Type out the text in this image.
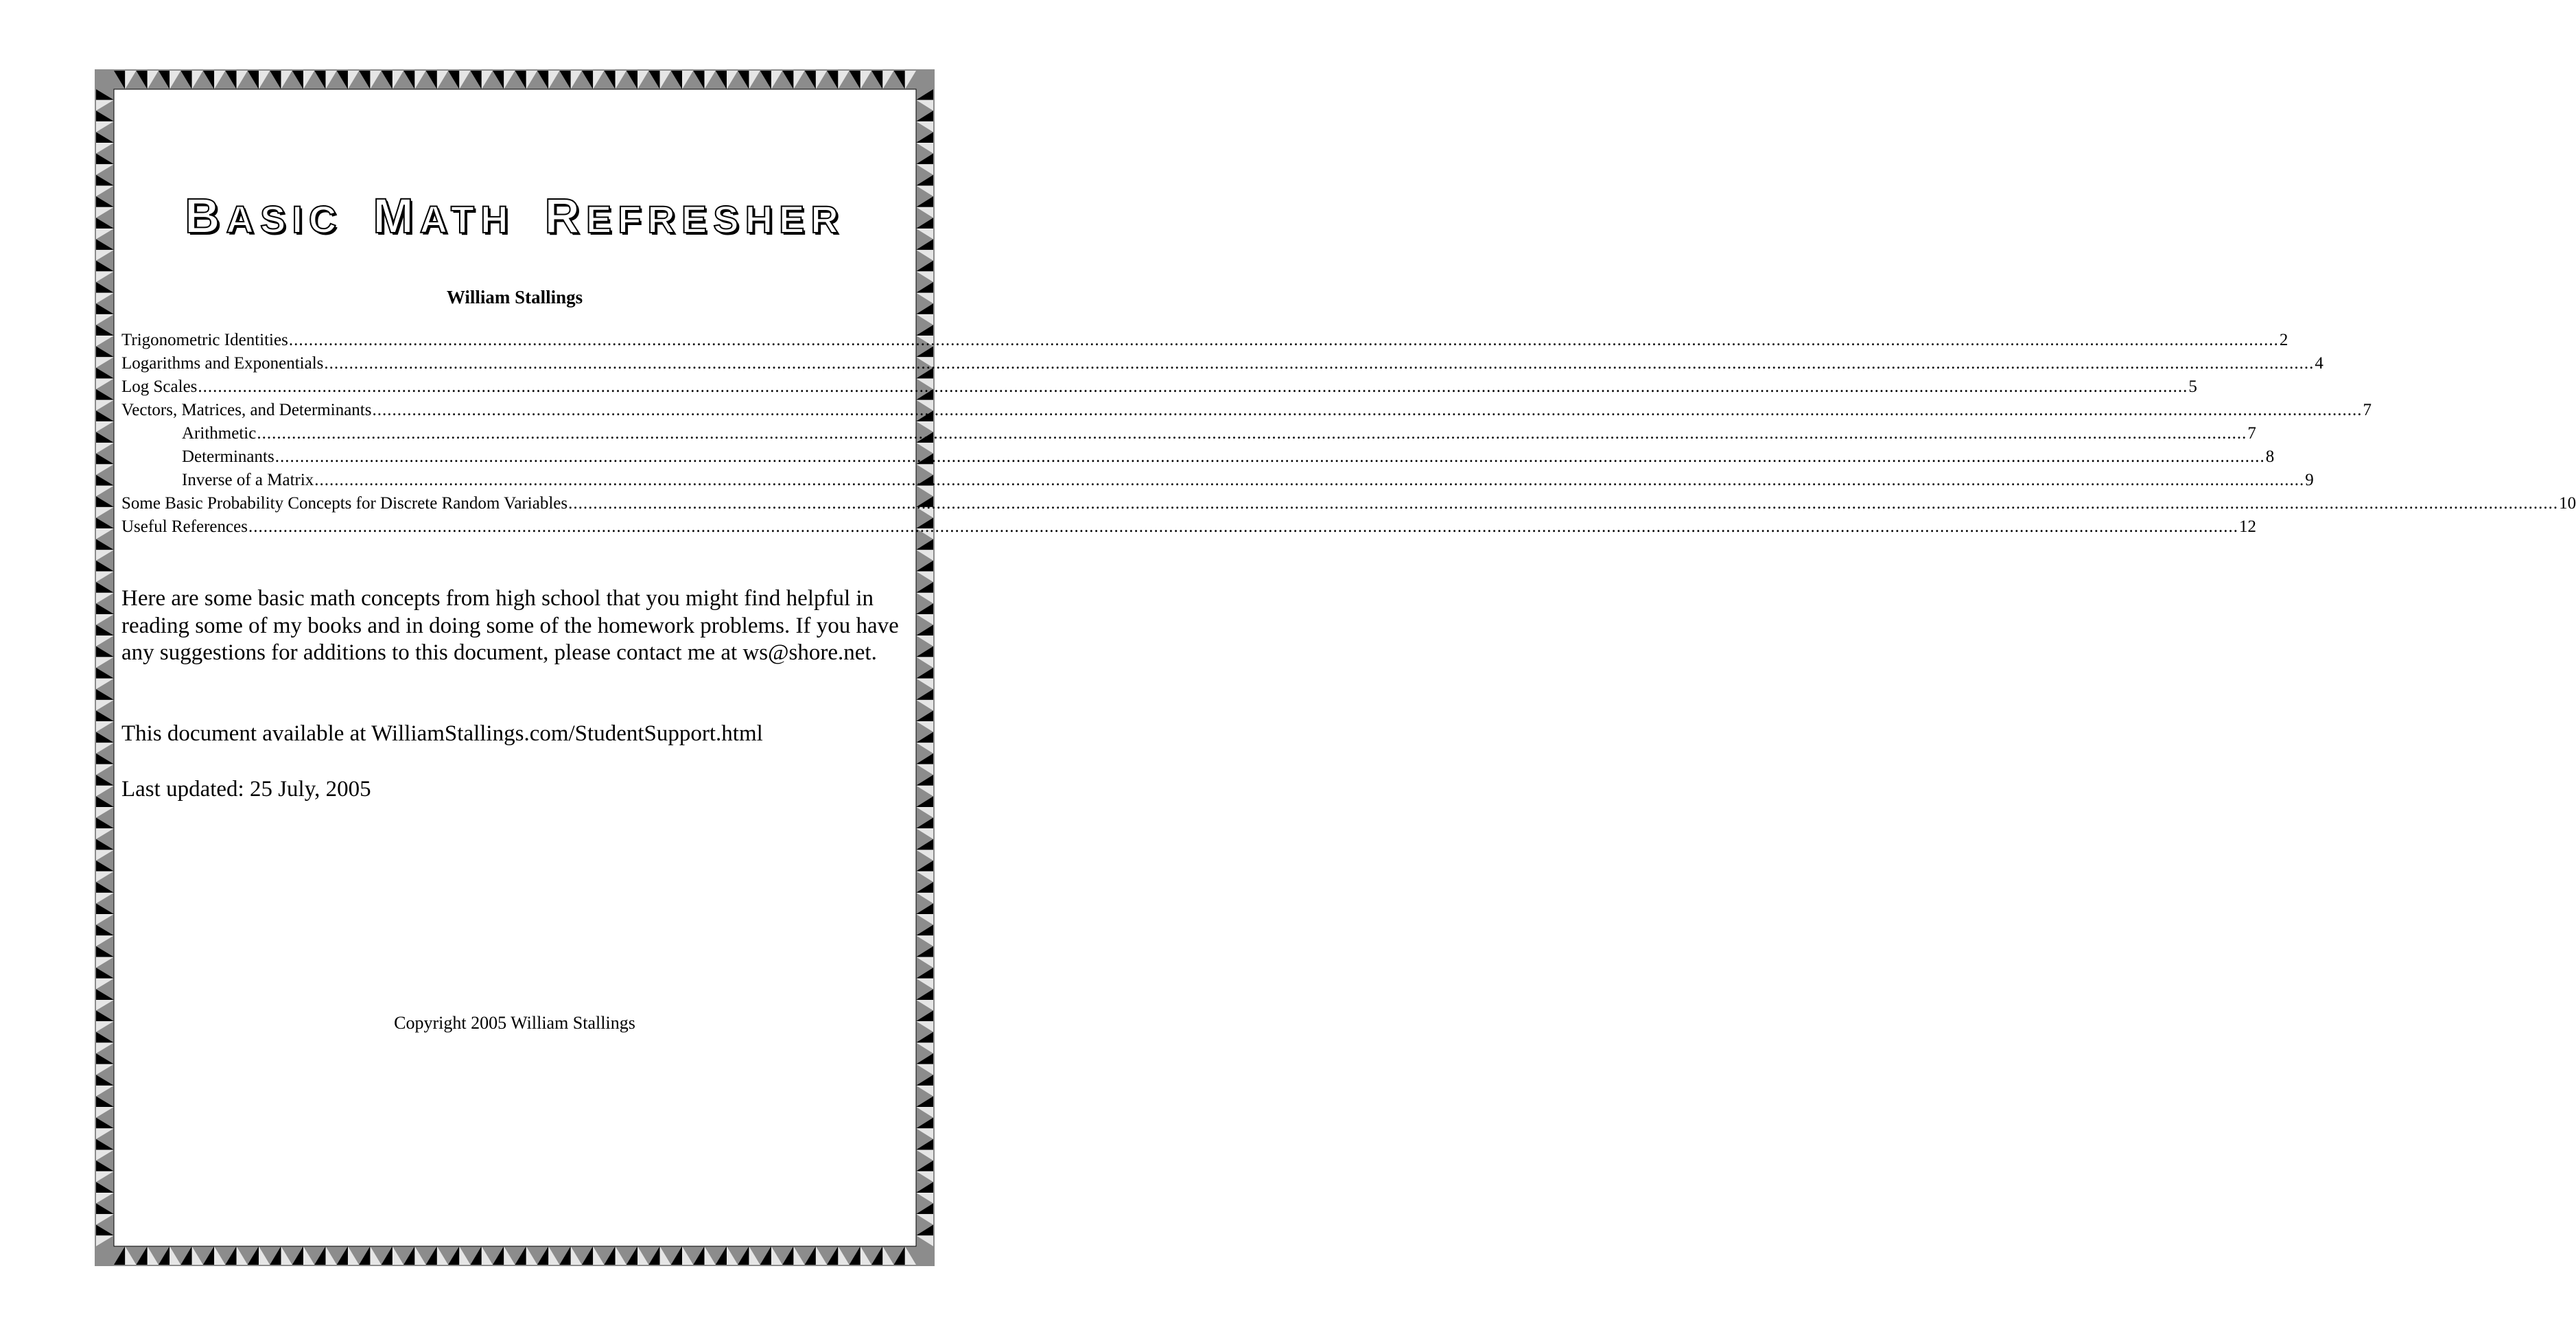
BASIC MATH REFRESHER
William Stallings
Trigonometric Identities ................................................................................................................................................................................................................................................................................................................................................................................................................ 2
Logarithms and Exponentials ................................................................................................................................................................................................................................................................................................................................................................................................................ 4
Log Scales ................................................................................................................................................................................................................................................................................................................................................................................................................ 5
Vectors, Matrices, and Determinants ................................................................................................................................................................................................................................................................................................................................................................................................................ 7
Arithmetic ................................................................................................................................................................................................................................................................................................................................................................................................................ 7
Determinants ................................................................................................................................................................................................................................................................................................................................................................................................................ 8
Inverse of a Matrix ................................................................................................................................................................................................................................................................................................................................................................................................................ 9
Some Basic Probability Concepts for Discrete Random Variables ................................................................................................................................................................................................................................................................................................................................................................................................................ 10
Useful References ................................................................................................................................................................................................................................................................................................................................................................................................................ 12

Here are some basic math concepts from high school that you might find helpful in reading some of my books and in doing some of the homework problems. If you have any suggestions for additions to this document, please contact me at ws@shore.net.

This document available at WilliamStallings.com/StudentSupport.html

Last updated: 25 July, 2005

Copyright 2005 William Stallings
